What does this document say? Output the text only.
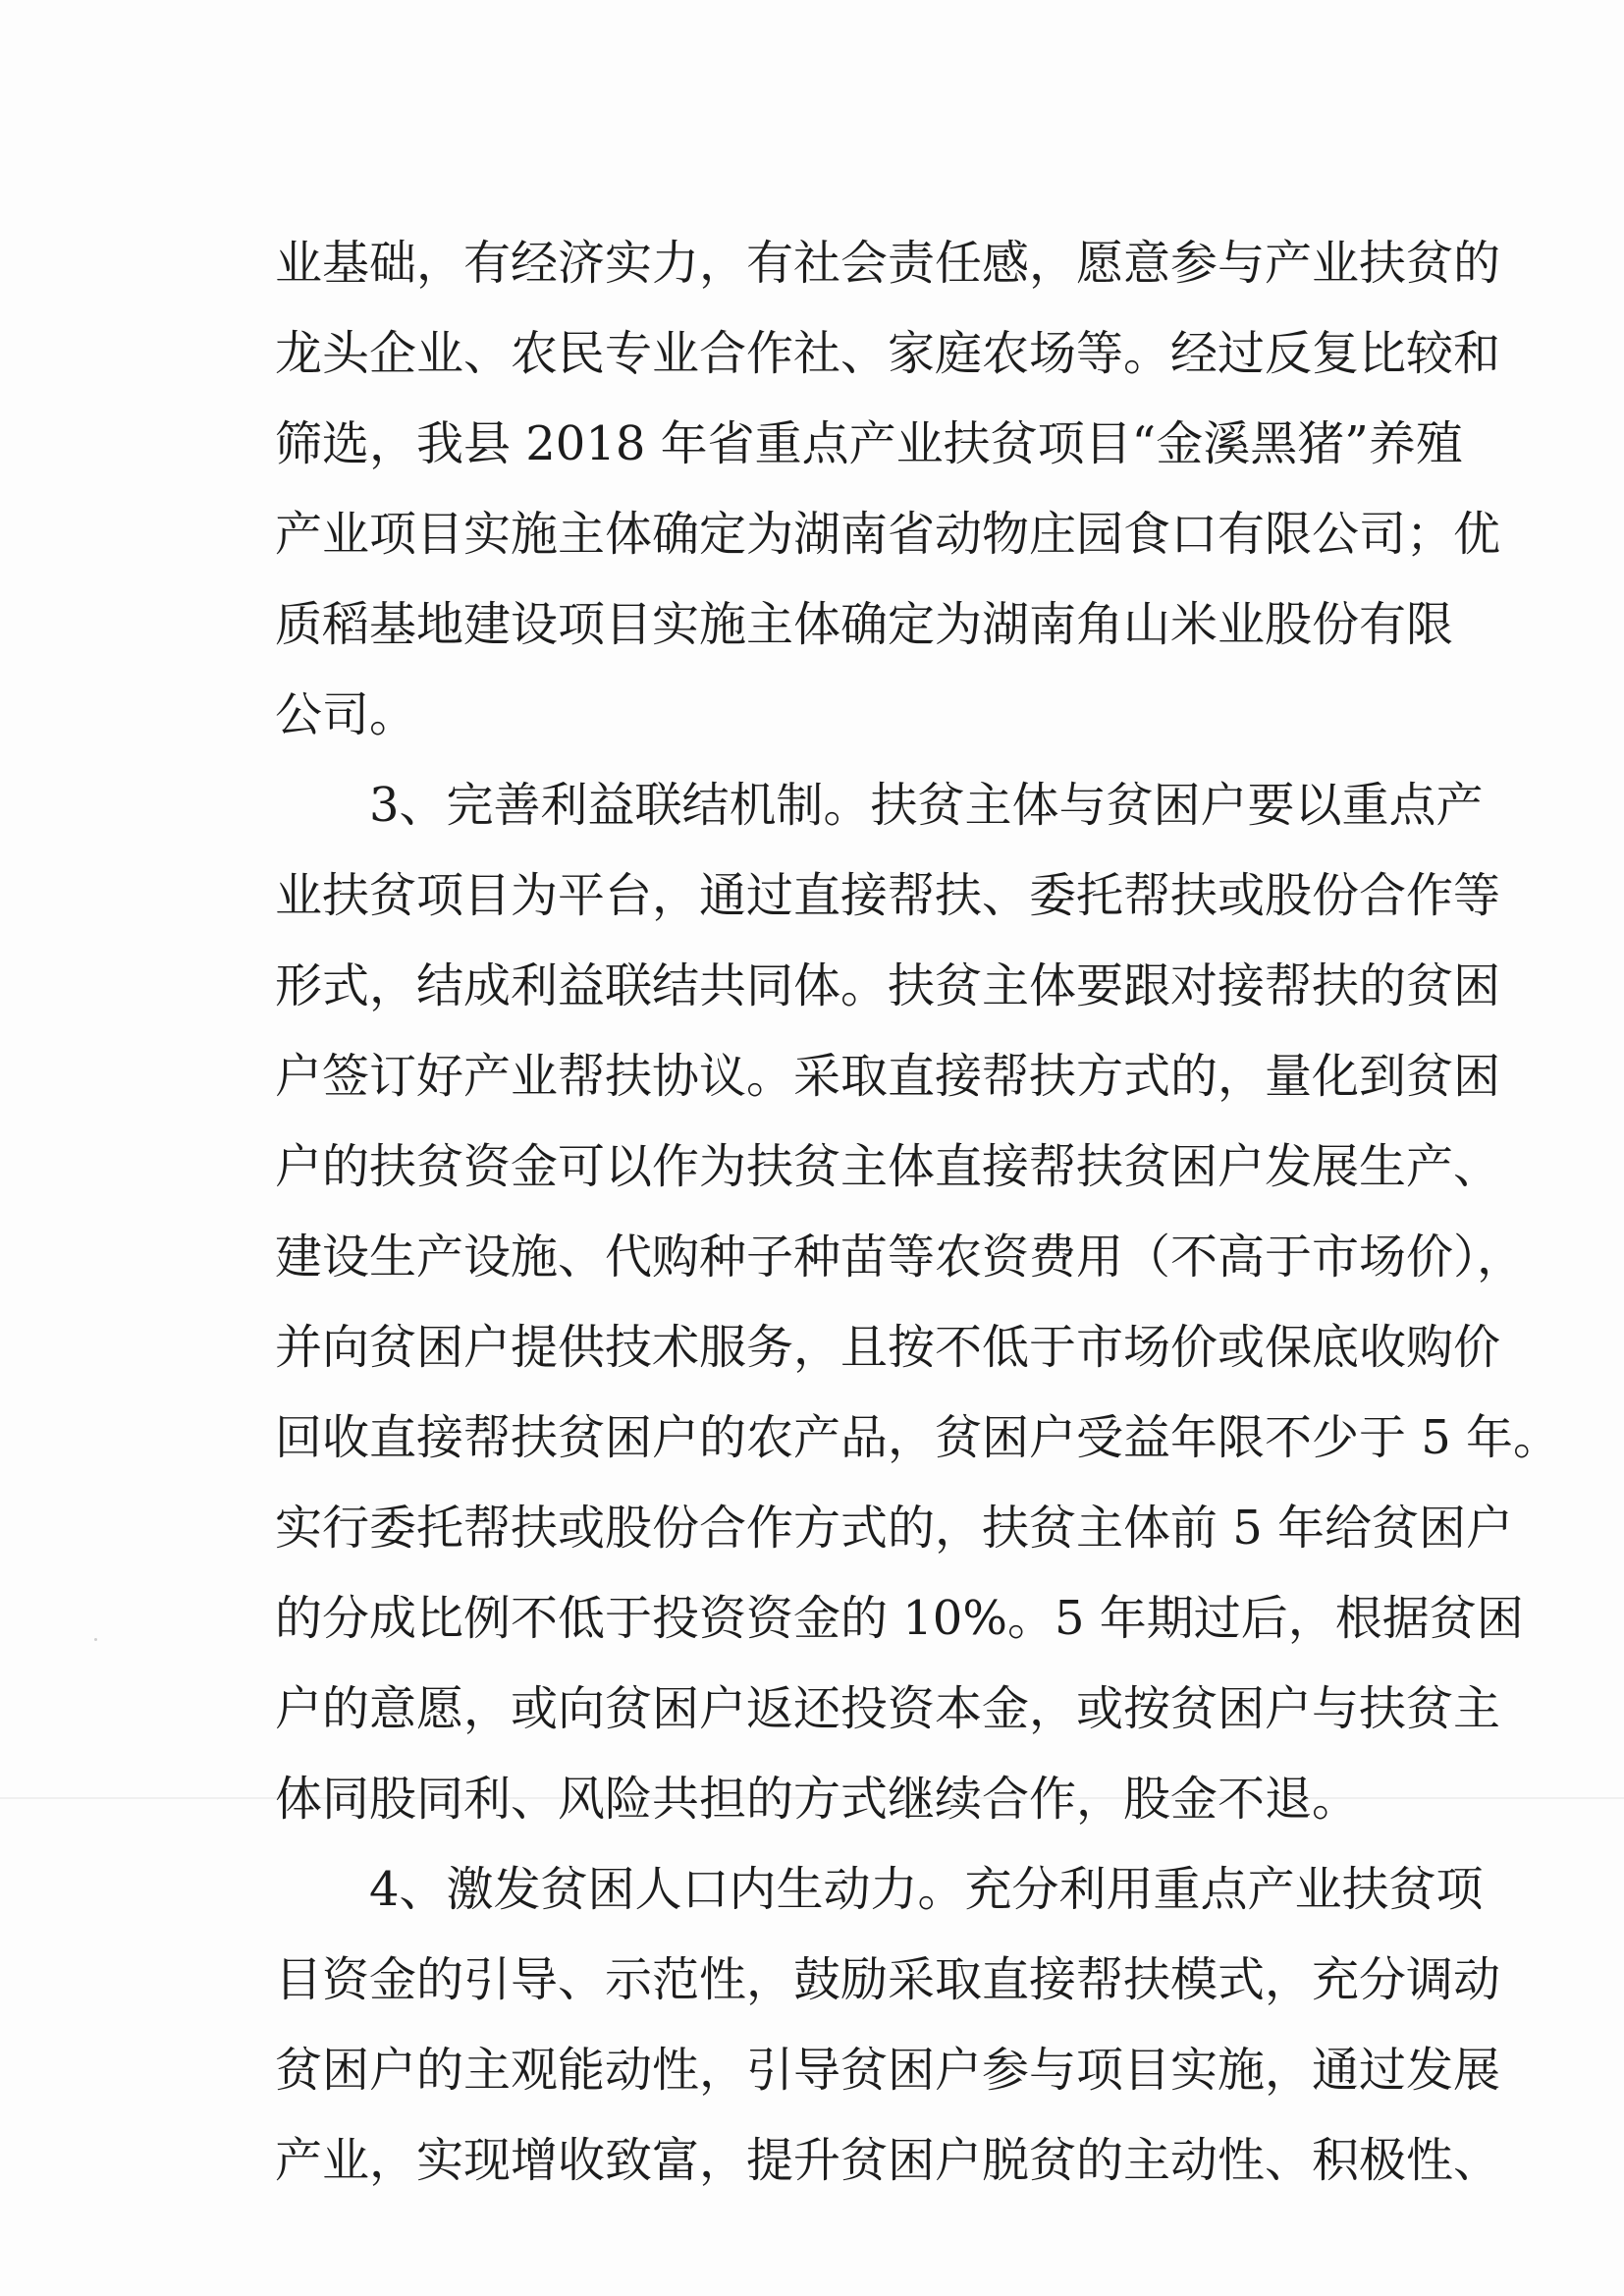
业基础，有经济实力，有社会责任感，愿意参与产业扶贫的
龙头企业、农民专业合作社、家庭农场等。经过反复比较和
筛选，我县 2018 年省重点产业扶贫项目“金溪黑猪”养殖
产业项目实施主体确定为湖南省动物庄园食口有限公司；优
质稻基地建设项目实施主体确定为湖南角山米业股份有限
公司。
3、完善利益联结机制。扶贫主体与贫困户要以重点产
业扶贫项目为平台，通过直接帮扶、委托帮扶或股份合作等
形式，结成利益联结共同体。扶贫主体要跟对接帮扶的贫困
户签订好产业帮扶协议。采取直接帮扶方式的，量化到贫困
户的扶贫资金可以作为扶贫主体直接帮扶贫困户发展生产、
建设生产设施、代购种子种苗等农资费用（不高于市场价），
并向贫困户提供技术服务，且按不低于市场价或保底收购价
回收直接帮扶贫困户的农产品，贫困户受益年限不少于 5 年。
实行委托帮扶或股份合作方式的，扶贫主体前 5 年给贫困户
的分成比例不低于投资资金的 10%。5 年期过后，根据贫困
户的意愿，或向贫困户返还投资本金，或按贫困户与扶贫主
体同股同利、风险共担的方式继续合作，股金不退。
4、激发贫困人口内生动力。充分利用重点产业扶贫项
目资金的引导、示范性，鼓励采取直接帮扶模式，充分调动
贫困户的主观能动性，引导贫困户参与项目实施，通过发展
产业，实现增收致富，提升贫困户脱贫的主动性、积极性、
